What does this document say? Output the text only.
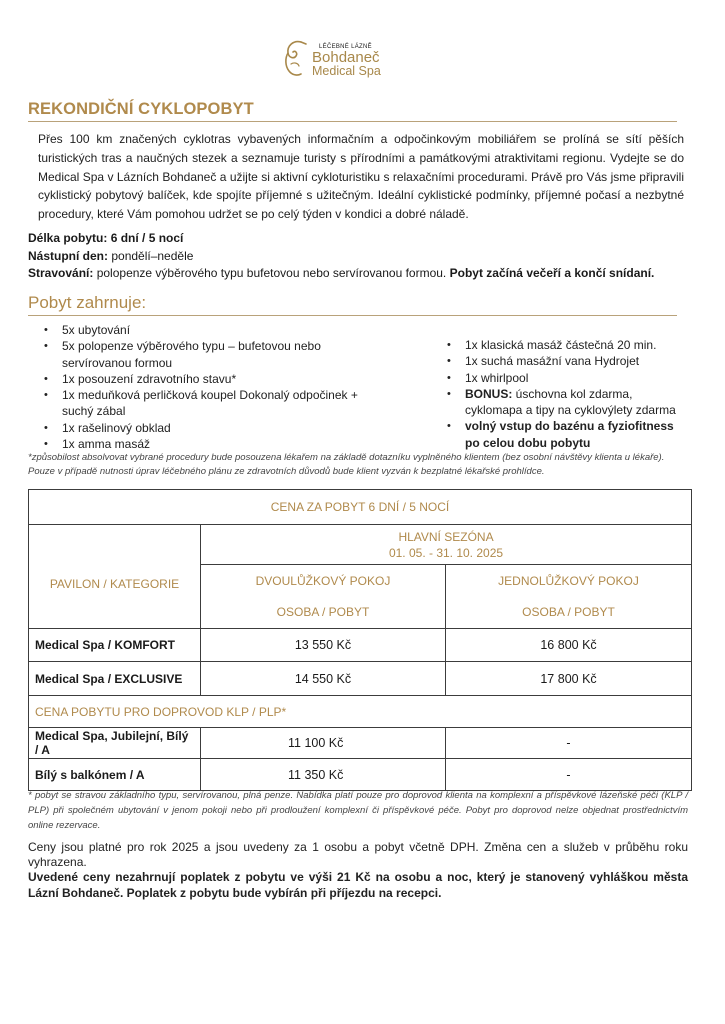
LÉČEBNÉ LÁZNĚ
Bohdaneč
Medical Spa
REKONDIČNÍ CYKLOPOBYT
Přes 100 km značených cyklotras vybavených informačním a odpočinkovým mobiliářem se prolíná se sítí pěších turistických tras a naučných stezek a seznamuje turisty s přírodními a památkovými atraktivitami regionu. Vydejte se do Medical Spa v Lázních Bohdaneč a užijte si aktivní cykloturistiku s relaxačními procedurami. Právě pro Vás jsme připravili cyklistický pobytový balíček, kde spojíte příjemné s užitečným. Ideální cyklistické podmínky, příjemné počasí a nezbytné procedury, které Vám pomohou udržet se po celý týden v kondici a dobré náladě.
Délka pobytu: 6 dní / 5 nocí
Nástupní den: pondělí–neděle
Stravování: polopenze výběrového typu bufetovou nebo servírovanou formou. Pobyt začíná večeří a končí snídaní.
Pobyt zahrnuje:
• 5x ubytování
• 5x polopenze výběrového typu – bufetovou nebo servírovanou formou
• 1x posouzení zdravotního stavu*
• 1x meduňková perličková koupel Dokonalý odpočinek + suchý zábal
• 1x rašelinový obklad
• 1x amma masáž
• 1x klasická masáž částečná 20 min.
• 1x suchá masážní vana Hydrojet
• 1x whirlpool
• BONUS: úschovna kol zdarma, cyklomapa a tipy na cyklovýlety zdarma
• volný vstup do bazénu a fyziofitness po celou dobu pobytu
*způsobilost absolvovat vybrané procedury bude posouzena lékařem na základě dotazníku vyplněného klientem (bez osobní návštěvy klienta u lékaře). Pouze v případě nutnosti úprav léčebného plánu ze zdravotních důvodů bude klient vyzván k bezplatné lékařské prohlídce.
CENA ZA POBYT 6 DNÍ / 5 NOCÍ		
PAVILON / KATEGORIE	HLAVNÍ SEZÓNA
01. 05. - 31. 10. 2025	

	DVOULŮŽKOVÝ POKOJ	JEDNOLŮŽKOVÝ POKOJ
	OSOBA / POBYT	OSOBA / POBYT
Medical Spa / KOMFORT	13 550 Kč	16 800 Kč
Medical Spa / EXCLUSIVE	14 550 Kč	17 800 Kč
CENA POBYTU PRO DOPROVOD KLP / PLP*		
Medical Spa, Jubilejní, Bílý / A	11 100 Kč	-
Bílý s balkónem / A	11 350 Kč	-
* pobyt se stravou základního typu, servírovanou, plná penze. Nabídka platí pouze pro doprovod klienta na komplexní a příspěvkové lázeňské péči (KLP / PLP) při společném ubytování v jenom pokoji nebo při prodloužení komplexní či příspěvkové péče. Pobyt pro doprovod nelze objednat prostřednictvím online rezervace.

Ceny jsou platné pro rok 2025 a jsou uvedeny za 1 osobu a pobyt včetně DPH. Změna cen a služeb v průběhu roku vyhrazena.

Uvedené ceny nezahrnují poplatek z pobytu ve výši 21 Kč na osobu a noc, který je stanovený vyhláškou města Lázní Bohdaneč. Poplatek z pobytu bude vybírán při příjezdu na recepci.
